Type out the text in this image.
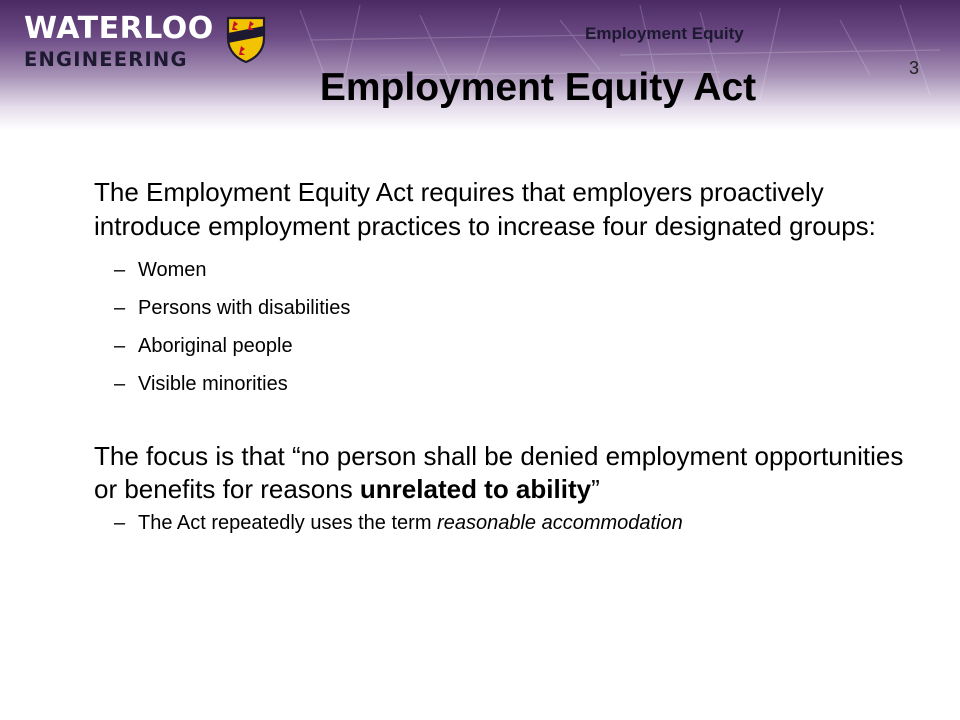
WATERLOO
ENGINEERING
Employment Equity
3
Employment Equity Act

The Employment Equity Act requires that employers proactively introduce employment practices to increase four designated groups:

– Women
– Persons with disabilities
– Aboriginal people
– Visible minorities

The focus is that “no person shall be denied employment opportunities or benefits for reasons unrelated to ability”

– The Act repeatedly uses the term reasonable accommodation
